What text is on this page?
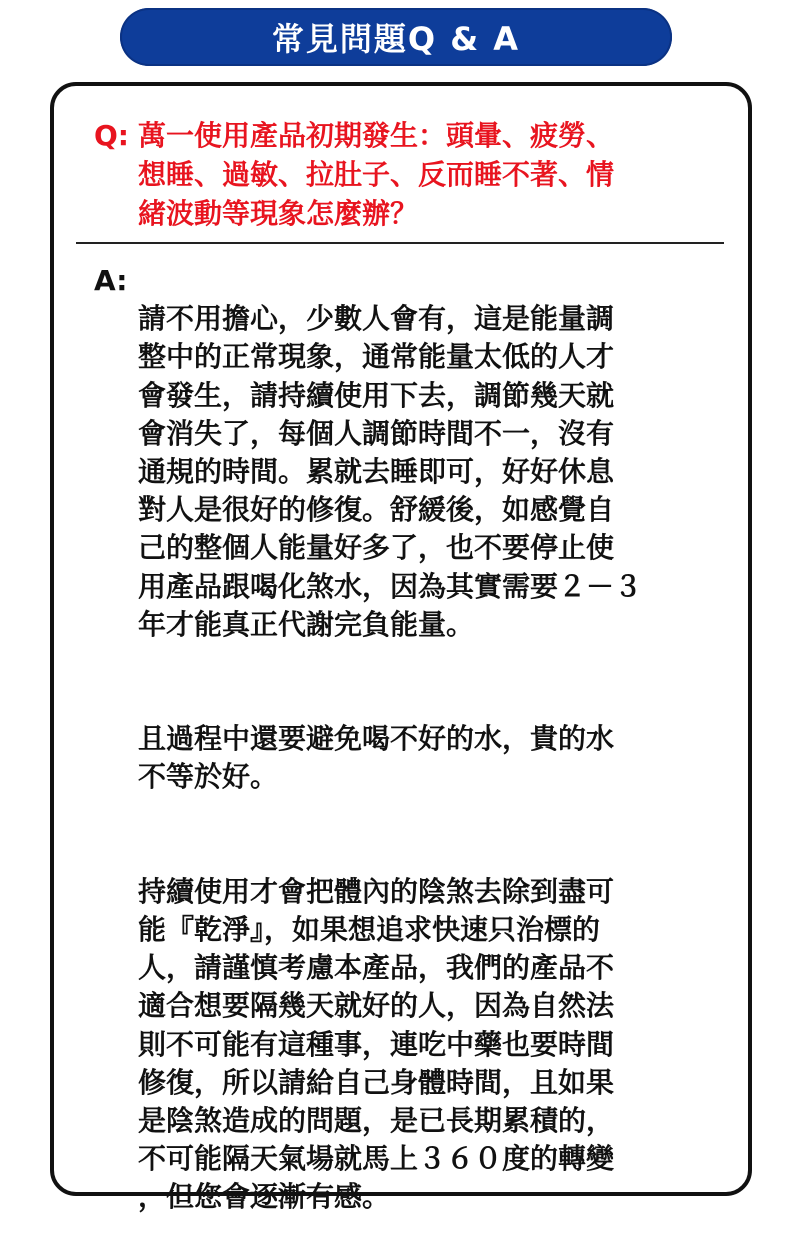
常見問題Q & A
Q: 萬一使用產品初期發生：頭暈、疲勞、
想睡、過敏、拉肚子、反而睡不著、情
緒波動等現象怎麼辦？
A:

請不用擔心，少數人會有，這是能量調
整中的正常現象，通常能量太低的人才
會發生，請持續使用下去，調節幾天就
會消失了，每個人調節時間不一，沒有
通規的時間。累就去睡即可，好好休息
對人是很好的修復。舒緩後，如感覺自
己的整個人能量好多了，也不要停止使
用產品跟喝化煞水，因為其實需要２－３
年才能真正代謝完負能量。

且過程中還要避免喝不好的水，貴的水
不等於好。

持續使用才會把體內的陰煞去除到盡可
能『乾淨』，如果想追求快速只治標的
人，請謹慎考慮本產品，我們的產品不
適合想要隔幾天就好的人，因為自然法
則不可能有這種事，連吃中藥也要時間
修復，所以請給自己身體時間，且如果
是陰煞造成的問題，是已長期累積的，
不可能隔天氣場就馬上３６０度的轉變
，但您會逐漸有感。
